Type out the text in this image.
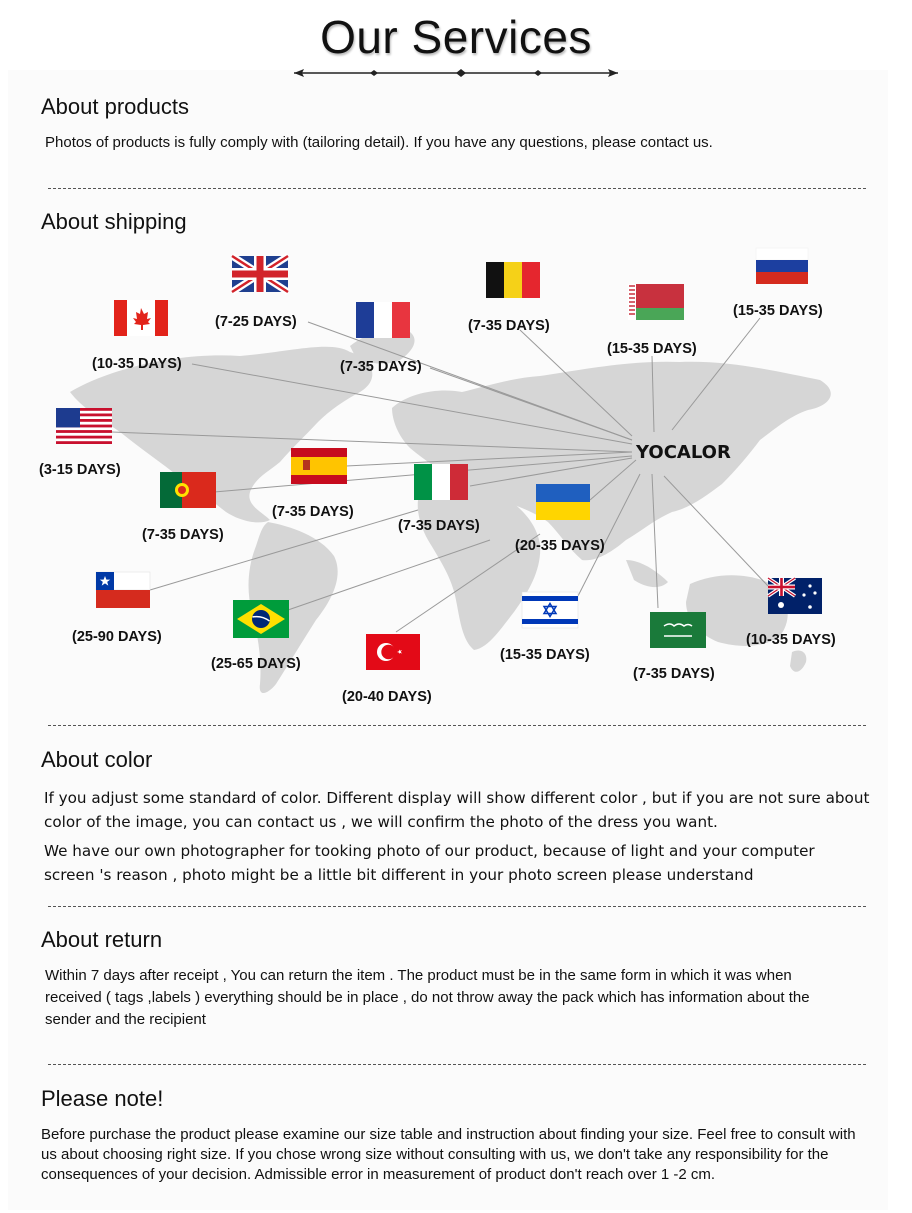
Our Services
About products
Photos of products is fully comply with (tailoring detail). If you have any questions, please contact us.
About shipping
YOCALOR
(7-25 DAYS)
(10-35 DAYS)	(7-35 DAYS)
(7-35 DAYS)
(15-35 DAYS)
(15-35 DAYS)
(3-15 DAYS)
(7-35 DAYS)
(7-35 DAYS)
(7-35 DAYS)
(20-35 DAYS)
(25-90 DAYS)
(25-65 DAYS)
(20-40 DAYS)
(15-35 DAYS)
(7-35 DAYS)
(10-35 DAYS)
About color
If you adjust some standard of color. Different display will show different color , but if you are not sure about
color of the image, you can contact us , we will confirm the photo of the dress you want.
We have our own photographer for tooking photo of our product, because of light and your computer
screen 's reason , photo might be a little bit different in your photo screen please understand
About return
Within 7 days after receipt , You can return the item . The product must be in the same form in which it was when
received ( tags ,labels ) everything should be in place , do not throw away the pack which has information about the
sender and the recipient
Please note!
Before purchase the product please examine our size table and instruction about finding your size. Feel free to consult with
us about choosing right size. If you chose wrong size without consulting with us, we don't take any responsibility for the
consequences of your decision. Admissible error in measurement of product don't reach over 1 -2 cm.
